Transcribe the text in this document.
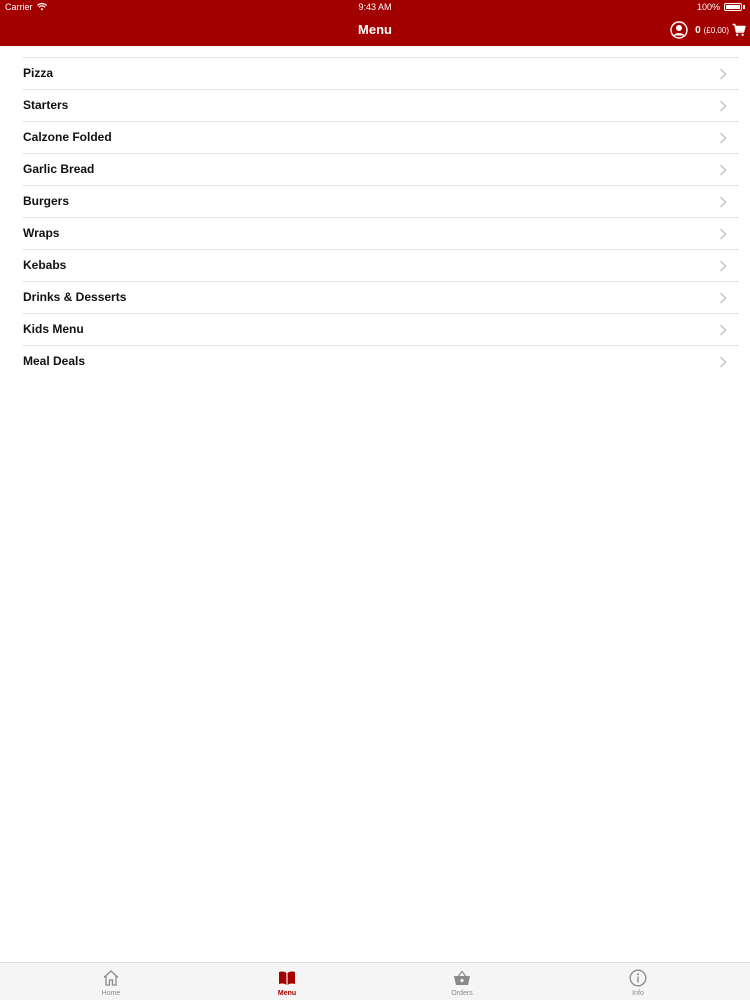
Carrier	9:43 AM	100%
Menu	0 (£0.00)
Pizza
Starters
Calzone Folded
Garlic Bread
Burgers
Wraps
Kebabs
Drinks & Desserts
Kids Menu
Meal Deals
Home	Menu	Orders	Info
